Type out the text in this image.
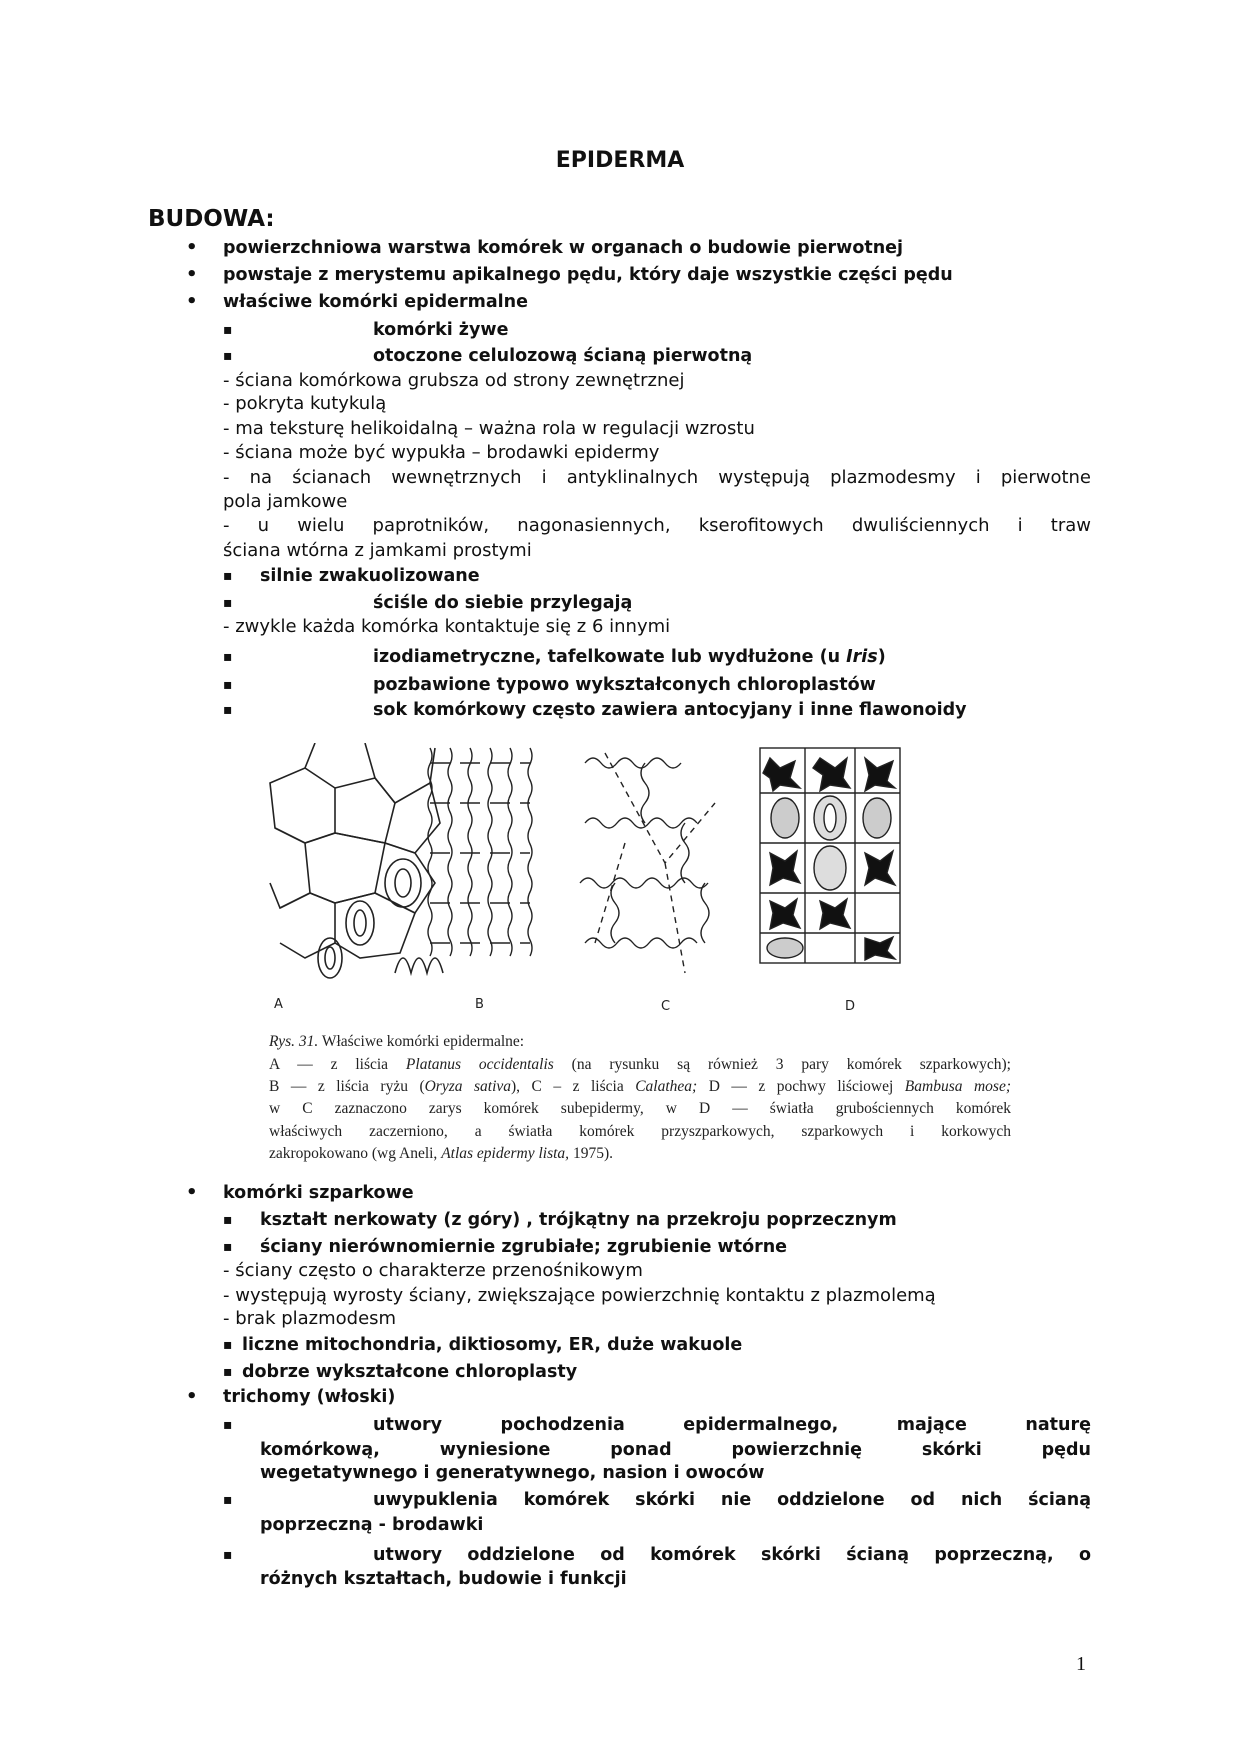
EPIDERMA
BUDOWA:
• powierzchniowa warstwa komórek w organach o budowie pierwotnej
• powstaje z merystemu apikalnego pędu, który daje wszystkie części pędu
• właściwe komórki epidermalne
▪	komórki żywe
▪	otoczone celulozową ścianą pierwotną
- ściana komórkowa grubsza od strony zewnętrznej
- pokryta kutykulą
- ma teksturę helikoidalną – ważna rola w regulacji wzrostu
- ściana może być wypukła – brodawki epidermy
- na ścianach wewnętrznych i antyklinalnych występują plazmodesmy i pierwotne
pola jamkowe
- u wielu paprotników, nagonasiennych, kserofitowych dwuliściennych i traw
ściana wtórna z jamkami prostymi
▪ silnie zwakuolizowane
▪	ściśle do siebie przylegają
- zwykle każda komórka kontaktuje się z 6 innymi
▪	izodiametryczne, tafelkowate lub wydłużone (u Iris)
▪	pozbawione typowo wykształconych chloroplastów
▪	sok komórkowy często zawiera antocyjany i inne flawonoidy
A	B	C	D
Rys. 31. Właściwe komórki epidermalne:
A — z liścia Platanus occidentalis (na rysunku są również 3 pary komórek szparkowych);
B — z liścia ryżu (Oryza sativa), C – z liścia Calathea; D — z pochwy liściowej Bambusa mose;
w C zaznaczono zarys komórek subepidermy, w D — światła grubościennych komórek
właściwych zaczerniono, a światła komórek przyszparkowych, szparkowych i korkowych
zakropokowano (wg Aneli, Atlas epidermy lista, 1975).
• komórki szparkowe
▪ kształt nerkowaty (z góry) , trójkątny na przekroju poprzecznym
▪ ściany nierównomiernie zgrubiałe; zgrubienie wtórne
- ściany często o charakterze przenośnikowym
- występują wyrosty ściany, zwiększające powierzchnię kontaktu z plazmolemą
- brak plazmodesm
▪ liczne mitochondria, diktiosomy, ER, duże wakuole
▪ dobrze wykształcone chloroplasty
• trichomy (włoski)
▪	utwory pochodzenia epidermalnego, mające naturę
komórkową, wyniesione ponad powierzchnię skórki pędu
wegetatywnego i generatywnego, nasion i owoców
▪	uwypuklenia komórek skórki nie oddzielone od nich ścianą
poprzeczną - brodawki
▪	utwory oddzielone od komórek skórki ścianą poprzeczną, o
różnych kształtach, budowie i funkcji
1
